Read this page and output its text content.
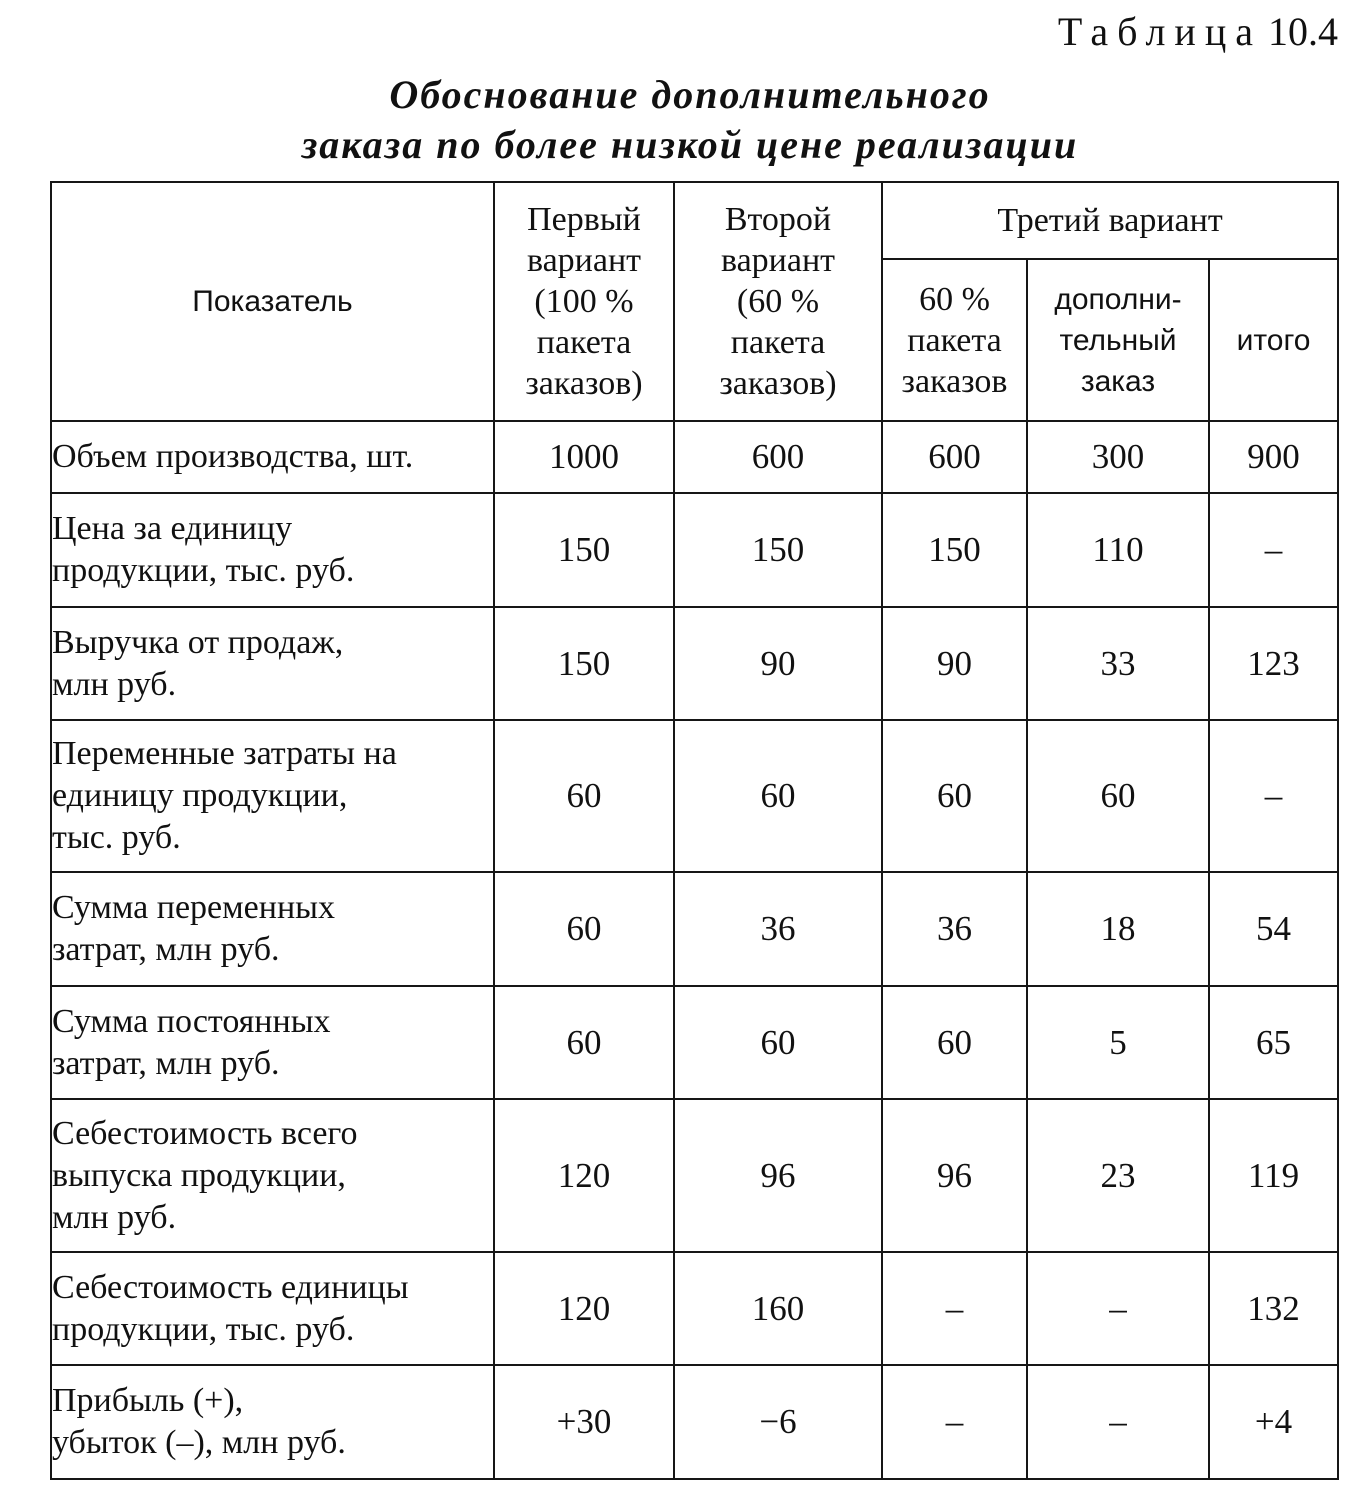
Таблица 10.4
Обоснование дополнительного
заказа по более низкой цене реализации
Показатель	Первый
вариант
(100 %
пакета
заказов)	Второй
вариант
(60 %
пакета
заказов)	Третий вариант		

			60 %
пакета
заказов	дополни-
тельный
заказ	итого

Объем производства, шт.	1000	600	600	300	900

Цена за единицу
продукции, тыс. руб.	150	150	150	110	–

Выручка от продаж,
млн руб.	150	90	90	33	123

Переменные затраты на
единицу продукции,
тыс. руб.	60	60	60	60	–

Сумма переменных
затрат, млн руб.	60	36	36	18	54

Сумма постоянных
затрат, млн руб.	60	60	60	5	65

Себестоимость всего
выпуска продукции,
млн руб.	120	96	96	23	119

Себестоимость единицы
продукции, тыс. руб.	120	160	–	–	132

Прибыль (+),
убыток (–), млн руб.	+30	−6	–	–	+4
